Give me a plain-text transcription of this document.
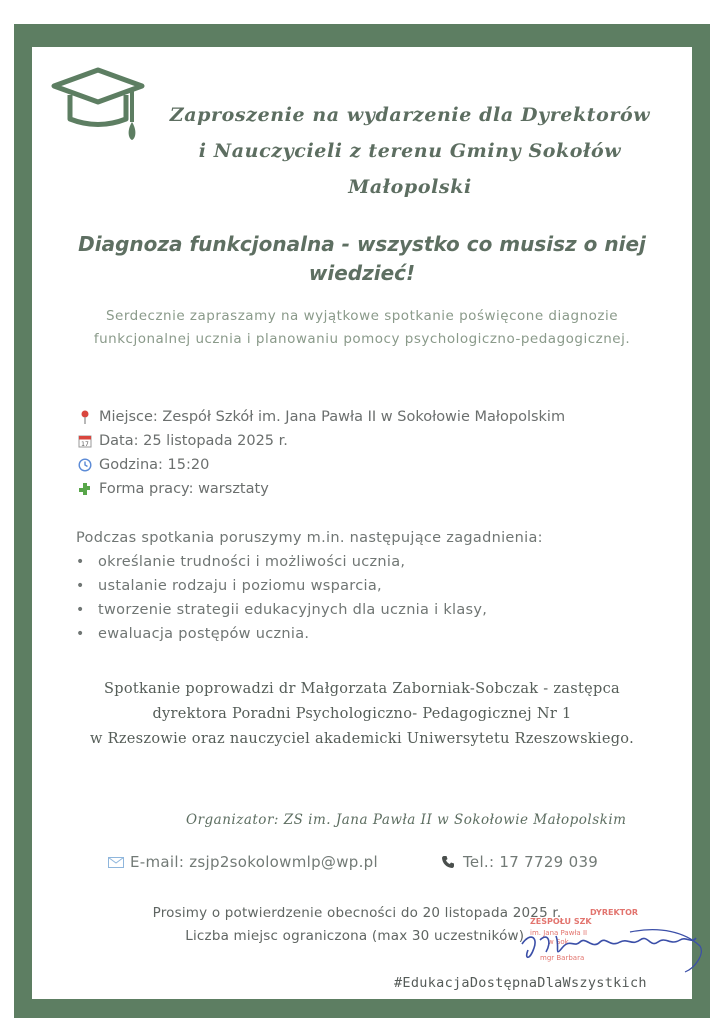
Zaproszenie na wydarzenie dla Dyrektorów
i Nauczycieli z terenu Gminy Sokołów
Małopolski
Diagnoza funkcjonalna - wszystko co musisz o niej
wiedzieć!
Serdecznie zapraszamy na wyjątkowe spotkanie poświęcone diagnozie
funkcjonalnej ucznia i planowaniu pomocy psychologiczno-pedagogicznej.
Miejsce: Zespół Szkół im. Jana Pawła II w Sokołowie Małopolskim
17 Data: 25 listopada 2025 r.
Godzina: 15:20
Forma pracy: warsztaty
Podczas spotkania poruszymy m.in. następujące zagadnienia:
• określanie trudności i możliwości ucznia,
• ustalanie rodzaju i poziomu wsparcia,
• tworzenie strategii edukacyjnych dla ucznia i klasy,
• ewaluacja postępów ucznia.
Spotkanie poprowadzi dr Małgorzata Zaborniak-Sobczak - zastępca
dyrektora Poradni Psychologiczno- Pedagogicznej Nr 1
w Rzeszowie oraz nauczyciel akademicki Uniwersytetu Rzeszowskiego.
Organizator: ZS im. Jana Pawła II w Sokołowie Małopolskim
E-mail: zsjp2sokolowmlp@wp.pl	Tel.: 17 7729 039
Prosimy o potwierdzenie obecności do 20 listopada 2025 r.
Liczba miejsc ograniczona (max 30 uczestników).
DYREKTOR
ZESPOŁU SZK
im. Jana Pawła II
w Sok
mgr Barbara
#EdukacjaDostępnaDlaWszystkich
